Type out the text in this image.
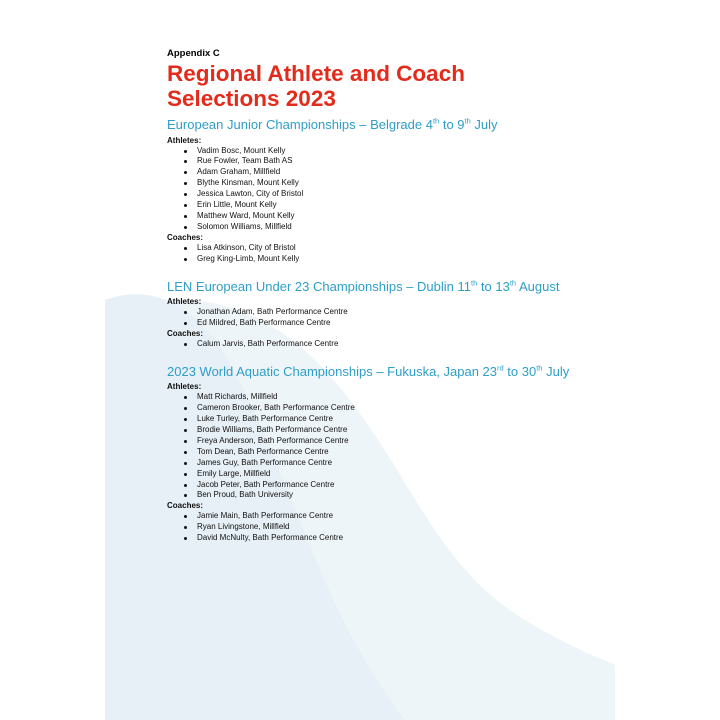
Appendix C

Regional Athlete and Coach Selections 2023
European Junior Championships – Belgrade 4th to 9th July

Athletes:

Vadim Bosc, Mount Kelly
Rue Fowler, Team Bath AS
Adam Graham, Millfield
Blythe Kinsman, Mount Kelly
Jessica Lawton, City of Bristol
Erin Little, Mount Kelly
Matthew Ward, Mount Kelly
Solomon Williams, Millfield

Coaches:

Lisa Atkinson, City of Bristol
Greg King-Limb, Mount Kelly
LEN European Under 23 Championships – Dublin 11th to 13th August

Athletes:

Jonathan Adam, Bath Performance Centre
Ed Mildred, Bath Performance Centre

Coaches:

Calum Jarvis, Bath Performance Centre
2023 World Aquatic Championships – Fukuska, Japan 23rd to 30th July

Athletes:

Matt Richards, Millfield
Cameron Brooker, Bath Performance Centre
Luke Turley, Bath Performance Centre
Brodie Williams, Bath Performance Centre
Freya Anderson, Bath Performance Centre
Tom Dean, Bath Performance Centre
James Guy, Bath Performance Centre
Emily Large, Millfield
Jacob Peter, Bath Performance Centre
Ben Proud, Bath University

Coaches:

Jamie Main, Bath Performance Centre
Ryan Livingstone, Millfield
David McNulty, Bath Performance Centre
